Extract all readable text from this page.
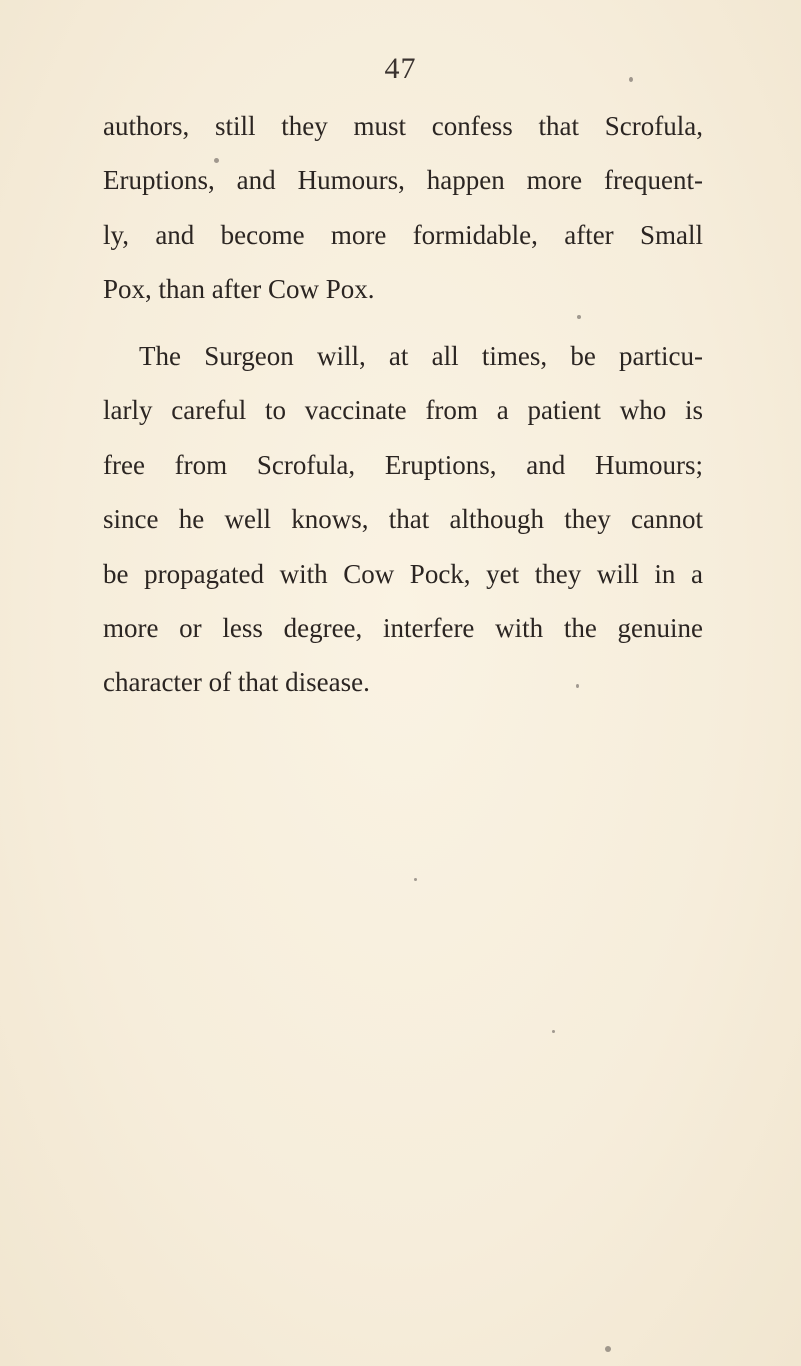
47
authors, still they must confess that Scrofula,
Eruptions, and Humours, happen more frequent-
ly, and become more formidable, after Small
Pox, than after Cow Pox.
The Surgeon will, at all times, be particu-
larly careful to vaccinate from a patient who is
free from Scrofula, Eruptions, and Humours;
since he well knows, that although they cannot
be propagated with Cow Pock, yet they will in a
more or less degree, interfere with the genuine
character of that disease.
